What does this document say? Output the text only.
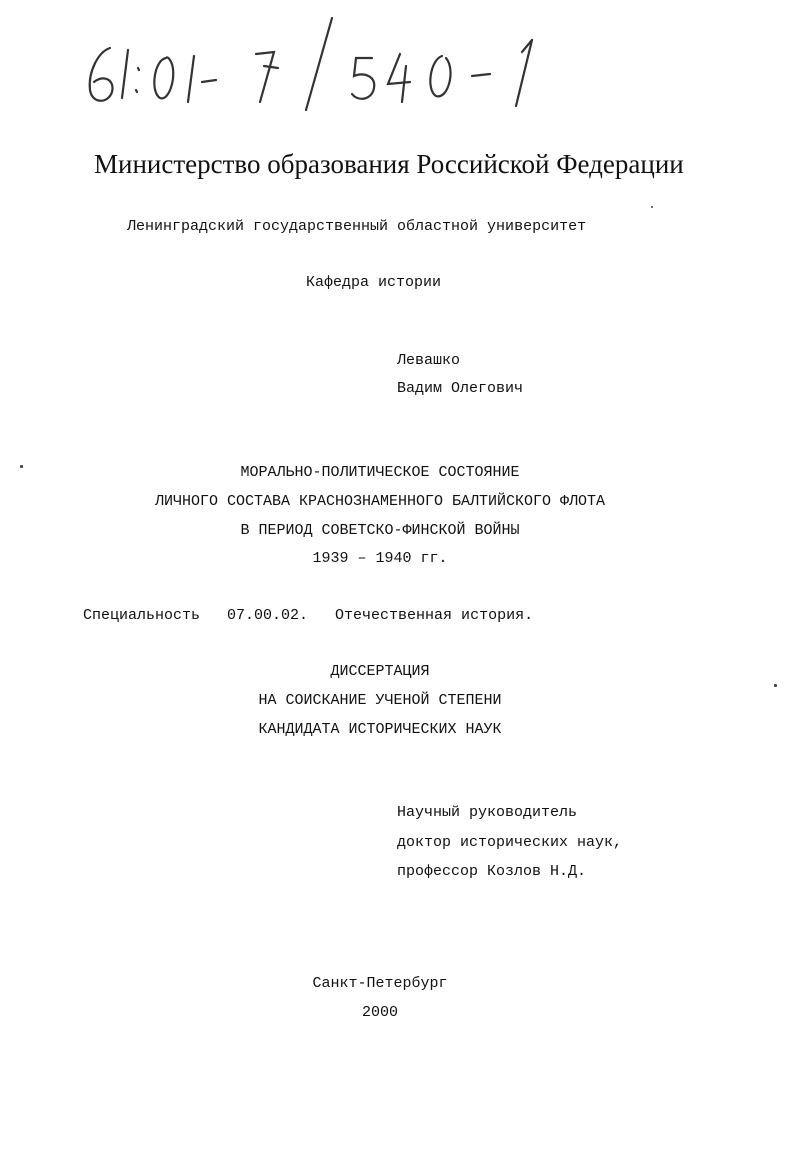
Министерство образования Российской Федерации
Ленинградский государственный областной университет
Кафедра истории
Левашко
Вадим Олегович
МОРАЛЬНО-ПОЛИТИЧЕСКОЕ СОСТОЯНИЕ
ЛИЧНОГО СОСТАВА КРАСНОЗНАМЕННОГО БАЛТИЙСКОГО ФЛОТА
В ПЕРИОД СОВЕТСКО-ФИНСКОЙ ВОЙНЫ
1939 – 1940 гг.
Специальность   07.00.02.   Отечественная история.
ДИССЕРТАЦИЯ
НА СОИСКАНИЕ УЧЕНОЙ СТЕПЕНИ
КАНДИДАТА ИСТОРИЧЕСКИХ НАУК
Научный руководитель
доктор исторических наук,
профессор Козлов Н.Д.
Санкт-Петербург
2000
